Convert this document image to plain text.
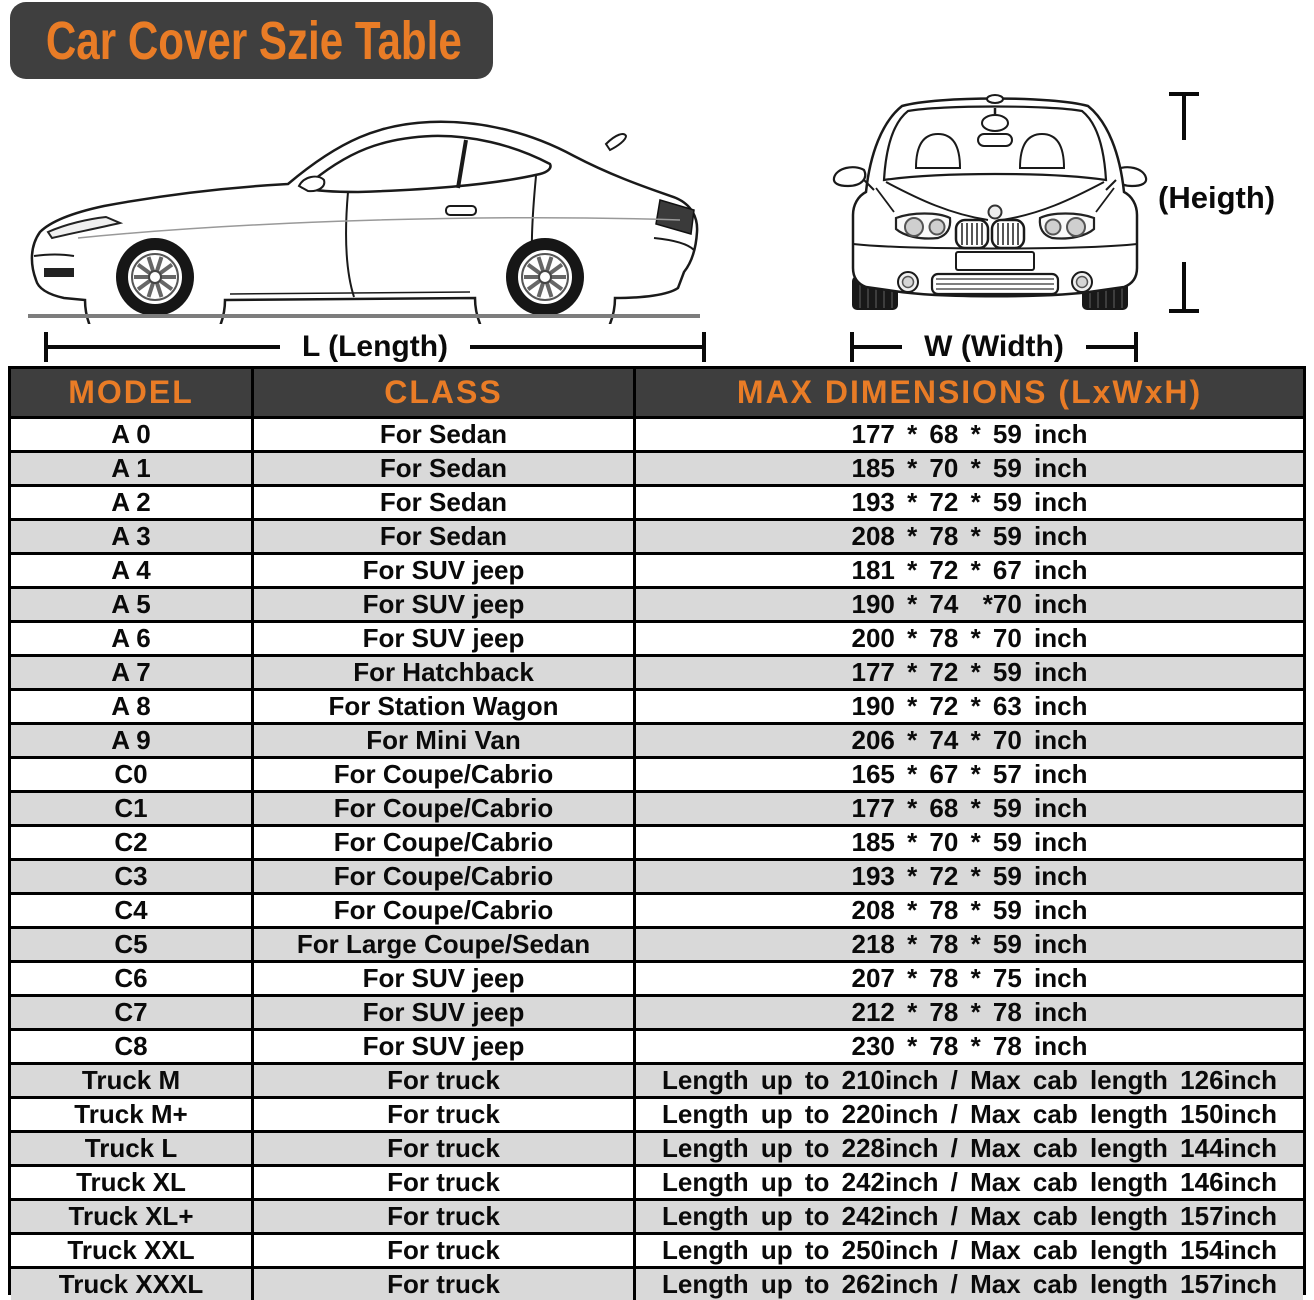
Car Cover Szie Table
L (Length)	W (Width)
(Heigth)
MODEL	CLASS	MAX DIMENSIONS (LxWxH)
A 0	For Sedan	177 * 68 * 59 inch
A 1	For Sedan	185 * 70 * 59 inch
A 2	For Sedan	193 * 72 * 59 inch
A 3	For Sedan	208 * 78 * 59 inch
A 4	For SUV jeep	181 * 72 * 67 inch
A 5	For SUV jeep	190 * 74  *70 inch
A 6	For SUV jeep	200 * 78 * 70 inch
A 7	For Hatchback	177 * 72 * 59 inch
A 8	For Station Wagon	190 * 72 * 63 inch
A 9	For Mini Van	206 * 74 * 70 inch
C0	For Coupe/Cabrio	165 * 67 * 57 inch
C1	For Coupe/Cabrio	177 * 68 * 59 inch
C2	For Coupe/Cabrio	185 * 70 * 59 inch
C3	For Coupe/Cabrio	193 * 72 * 59 inch
C4	For Coupe/Cabrio	208 * 78 * 59 inch
C5	For Large Coupe/Sedan	218 * 78 * 59 inch
C6	For SUV jeep	207 * 78 * 75 inch
C7	For SUV jeep	212 * 78 * 78 inch
C8	For SUV jeep	230 * 78 * 78 inch
Truck M	For truck	Length up to 210inch / Max cab length 126inch
Truck M+	For truck	Length up to 220inch / Max cab length 150inch
Truck L	For truck	Length up to 228inch / Max cab length 144inch
Truck XL	For truck	Length up to 242inch / Max cab length 146inch
Truck XL+	For truck	Length up to 242inch / Max cab length 157inch
Truck XXL	For truck	Length up to 250inch / Max cab length 154inch
Truck XXXL	For truck	Length up to 262inch / Max cab length 157inch
